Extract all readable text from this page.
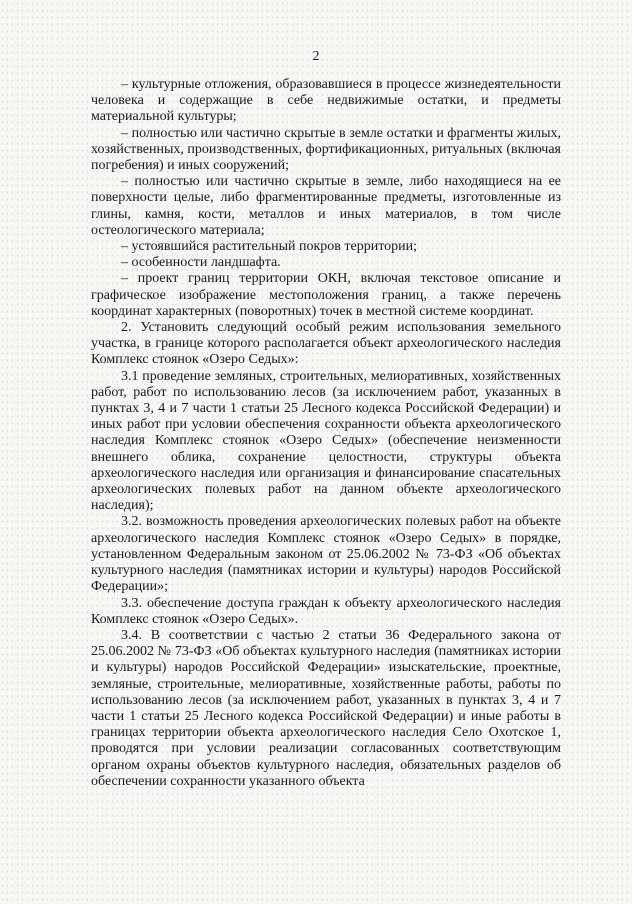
2

– культурные отложения, образовавшиеся в процессе жизнедеятельности человека и содержащие в себе недвижимые остатки, и предметы материальной культуры;

– полностью или частично скрытые в земле остатки и фрагменты жилых, хозяйственных, производственных, фортификационных, ритуальных (включая погребения) и иных сооружений;

– полностью или частично скрытые в земле, либо находящиеся на ее поверхности целые, либо фрагментированные предметы, изготовленные из глины, камня, кости, металлов и иных материалов, в том числе остеологического материала;

– устоявшийся растительный покров территории;

– особенности ландшафта.

– проект границ территории ОКН, включая текстовое описание и графическое изображение местоположения границ, а также перечень координат характерных (поворотных) точек в местной системе координат.

2. Установить следующий особый режим использования земельного участка, в границе которого располагается объект археологического наследия Комплекс стоянок «Озеро Седых»:

3.1 проведение земляных, строительных, мелиоративных, хозяйственных работ, работ по использованию лесов (за исключением работ, указанных в пунктах 3, 4 и 7 части 1 статьи 25 Лесного кодекса Российской Федерации) и иных работ при условии обеспечения сохранности объекта археологического наследия Комплекс стоянок «Озеро Седых» (обеспечение неизменности внешнего облика, сохранение целостности, структуры объекта археологического наследия или организация и финансирование спасательных археологических полевых работ на данном объекте археологического наследия);

3.2. возможность проведения археологических полевых работ на объекте археологического наследия Комплекс стоянок «Озеро Седых» в порядке, установленном Федеральным законом от 25.06.2002 № 73-ФЗ «Об объектах культурного наследия (памятниках истории и культуры) народов Российской Федерации»;

3.3. обеспечение доступа граждан к объекту археологического наследия Комплекс стоянок «Озеро Седых».

3.4. В соответствии с частью 2 статьи 36 Федерального закона от 25.06.2002 № 73-ФЗ «Об объектах культурного наследия (памятниках истории и культуры) народов Российской Федерации» изыскательские, проектные, земляные, строительные, мелиоративные, хозяйственные работы, работы по использованию лесов (за исключением работ, указанных в пунктах 3, 4 и 7 части 1 статьи 25 Лесного кодекса Российской Федерации) и иные работы в границах территории объекта археологического наследия Село Охотское 1, проводятся при условии реализации согласованных соответствующим органом охраны объектов культурного наследия, обязательных разделов об обеспечении сохранности указанного объекта
